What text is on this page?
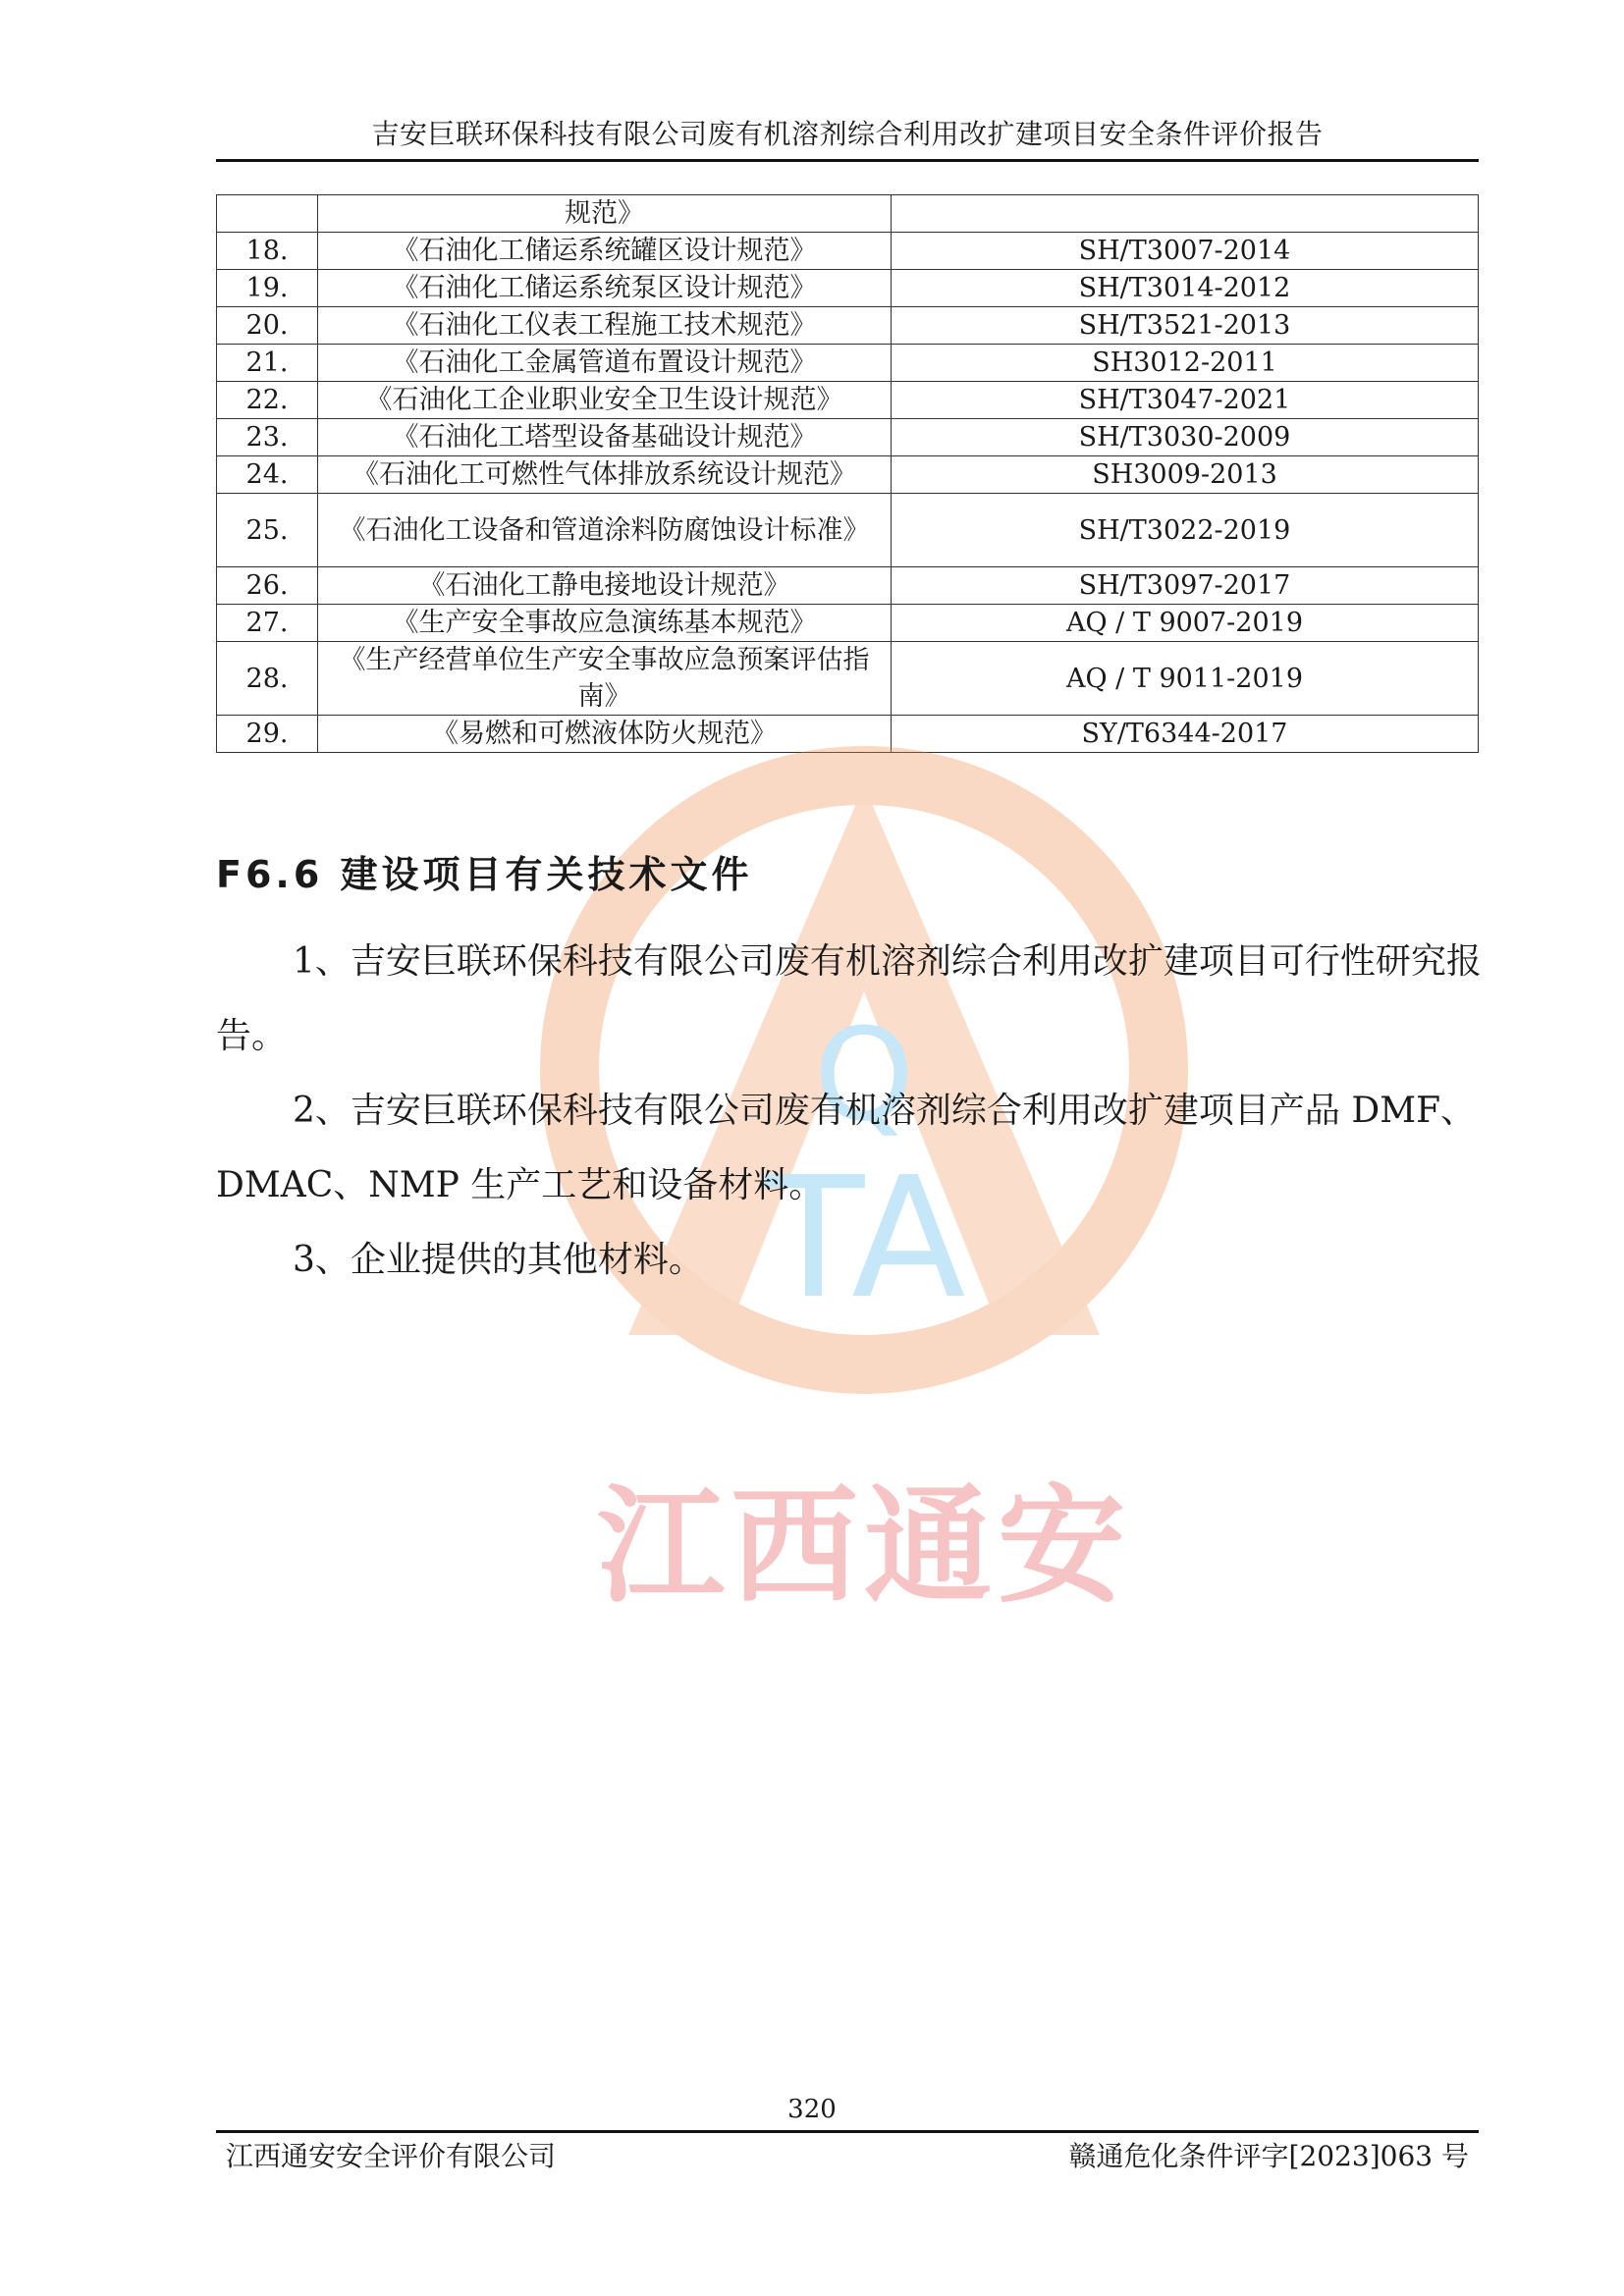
吉安巨联环保科技有限公司废有机溶剂综合利用改扩建项目安全条件评价报告
	规范》	
18.	《石油化工储运系统罐区设计规范》	SH/T3007-2014
19.	《石油化工储运系统泵区设计规范》	SH/T3014-2012
20.	《石油化工仪表工程施工技术规范》	SH/T3521-2013
21.	《石油化工金属管道布置设计规范》	SH3012-2011
22.	《石油化工企业职业安全卫生设计规范》	SH/T3047-2021
23.	《石油化工塔型设备基础设计规范》	SH/T3030-2009
24.	《石油化工可燃性气体排放系统设计规范》	SH3009-2013
25.	《石油化工设备和管道涂料防腐蚀设计标准》	SH/T3022-2019
26.	《石油化工静电接地设计规范》	SH/T3097-2017
27.	《生产安全事故应急演练基本规范》	AQ / T 9007-2019
28.	《生产经营单位生产安全事故应急预案评估指南》	AQ / T 9011-2019
29.	《易燃和可燃液体防火规范》	SY/T6344-2017
Q
TA
江西通安
F6.6 建设项目有关技术文件

1、吉安巨联环保科技有限公司废有机溶剂综合利用改扩建项目可行性研究报告。

2、吉安巨联环保科技有限公司废有机溶剂综合利用改扩建项目产品 DMF、DMAC、NMP 生产工艺和设备材料。

3、企业提供的其他材料。

320
江西通安安全评价有限公司	赣通危化条件评字[2023]063 号
